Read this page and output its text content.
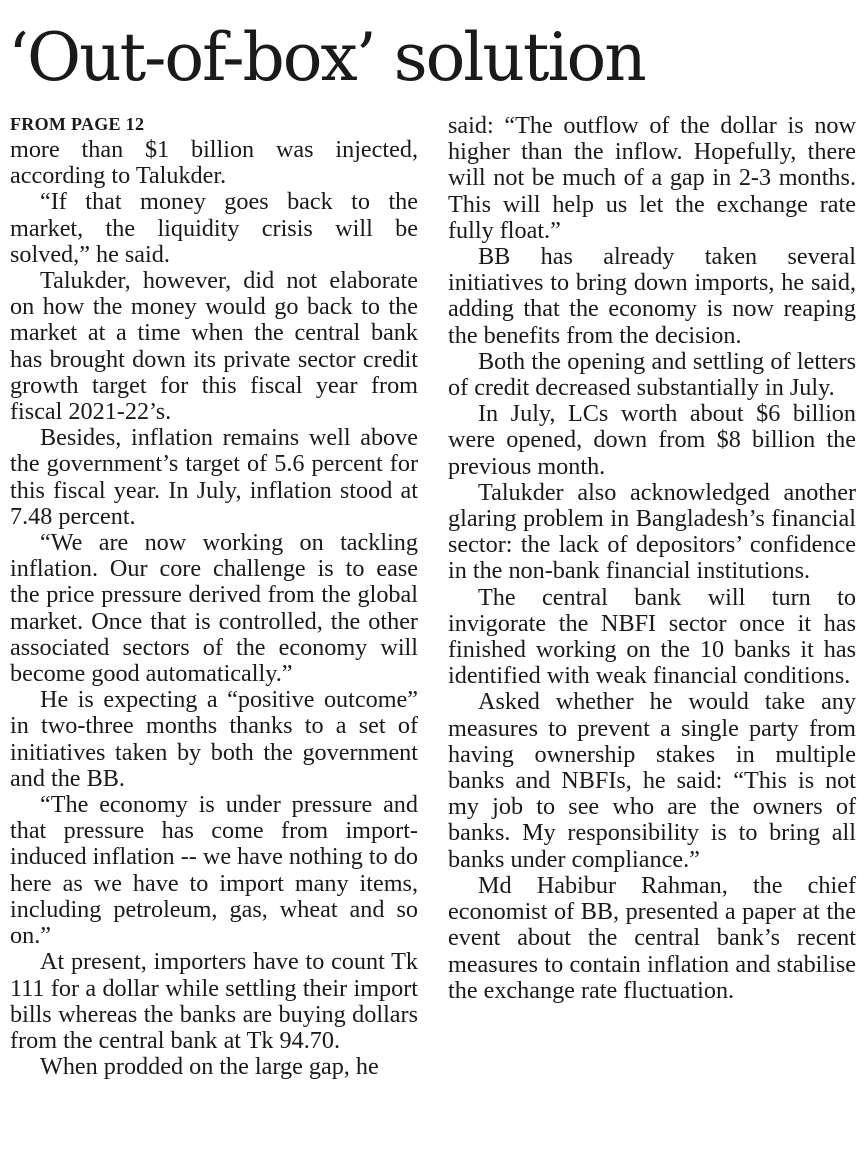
‘Out-of-box’ solution
FROM PAGE 12

more than $1 billion was injected, according to Talukder.

“If that money goes back to the market, the liquidity crisis will be solved,” he said.

Talukder, however, did not elaborate on how the money would go back to the market at a time when the central bank has brought down its private sector credit growth target for this fiscal year from fiscal 2021-22’s.

Besides, inflation remains well above the government’s target of 5.6 percent for this fiscal year. In July, inflation stood at 7.48 percent.

“We are now working on tackling inflation. Our core challenge is to ease the price pressure derived from the global market. Once that is controlled, the other associated sectors of the economy will become good automatically.”

He is expecting a “positive outcome” in two-three months thanks to a set of initiatives taken by both the government and the BB.

“The economy is under pressure and that pressure has come from import-induced inflation -- we have nothing to do here as we have to import many items, including petroleum, gas, wheat and so on.”

At present, importers have to count Tk 111 for a dollar while settling their import bills whereas the banks are buying dollars from the central bank at Tk 94.70.

When prodded on the large gap, he

said: “The outflow of the dollar is now higher than the inflow. Hopefully, there will not be much of a gap in 2-3 months. This will help us let the exchange rate fully float.”

BB has already taken several initiatives to bring down imports, he said, adding that the economy is now reaping the benefits from the decision.

Both the opening and settling of letters of credit decreased substantially in July.

In July, LCs worth about $6 billion were opened, down from $8 billion the previous month.

Talukder also acknowledged another glaring problem in Bangladesh’s financial sector: the lack of depositors’ confidence in the non-bank financial institutions.

The central bank will turn to invigorate the NBFI sector once it has finished working on the 10 banks it has identified with weak financial conditions.

Asked whether he would take any measures to prevent a single party from having ownership stakes in multiple banks and NBFIs, he said: “This is not my job to see who are the owners of banks. My responsibility is to bring all banks under compliance.”

Md Habibur Rahman, the chief economist of BB, presented a paper at the event about the central bank’s recent measures to contain inflation and stabilise the exchange rate fluctuation.
